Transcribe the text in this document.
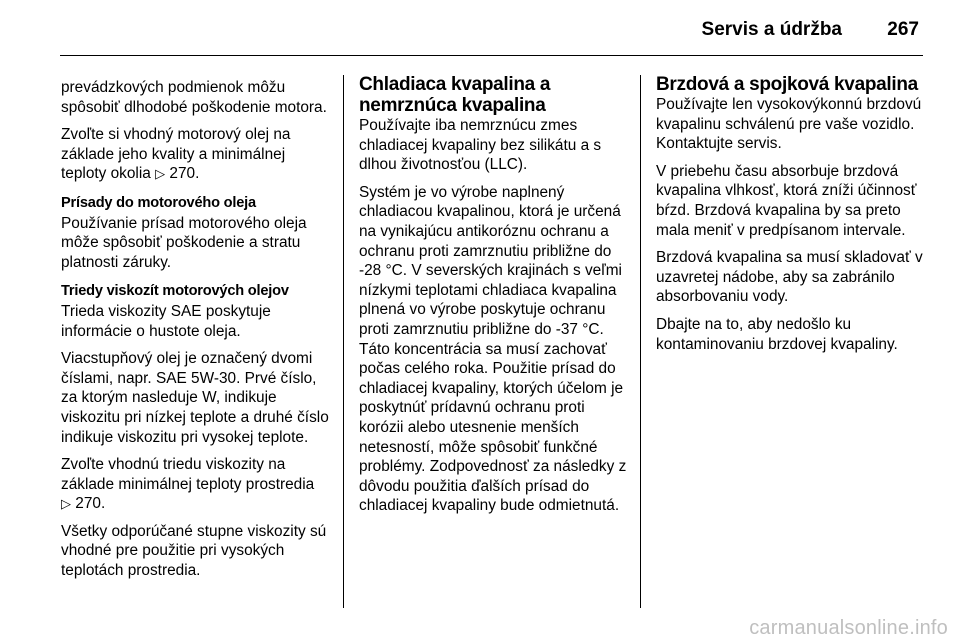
Servis a údržba 267

prevádzkových podmienok môžu spôsobiť dlhodobé poškodenie motora.

Zvoľte si vhodný motorový olej na základe jeho kvality a minimálnej teploty okolia ▷ 270.

Prísady do motorového oleja

Používanie prísad motorového oleja môže spôsobiť poškodenie a stratu platnosti záruky.

Triedy viskozít motorových olejov

Trieda viskozity SAE poskytuje informácie o hustote oleja.

Viacstupňový olej je označený dvomi číslami, napr. SAE 5W-30. Prvé číslo, za ktorým nasleduje W, indikuje viskozitu pri nízkej teplote a druhé číslo indikuje viskozitu pri vysokej teplote.

Zvoľte vhodnú triedu viskozity na základe minimálnej teploty prostredia
▷ 270.

Všetky odporúčané stupne viskozity sú vhodné pre použitie pri vysokých teplotách prostredia.

Chladiaca kvapalina a nemrznúca kvapalina

Používajte iba nemrznúcu zmes chladiacej kvapaliny bez silikátu a s dlhou životnosťou (LLC).

Systém je vo výrobe naplnený chladiacou kvapalinou, ktorá je určená na vynikajúcu antikoróznu ochranu a ochranu proti zamrznutiu približne do -28 °C. V severských krajinách s veľmi nízkymi teplotami chladiaca kvapalina plnená vo výrobe poskytuje ochranu proti zamrznutiu približne do -37 °C. Táto koncentrácia sa musí zachovať počas celého roka. Použitie prísad do chladiacej kvapaliny, ktorých účelom je poskytnúť prídavnú ochranu proti korózii alebo utesnenie menších netesností, môže spôsobiť funkčné problémy. Zodpovednosť za následky z dôvodu použitia ďalších prísad do chladiacej kvapaliny bude odmietnutá.

Brzdová a spojková kvapalina

Používajte len vysokovýkonnú brzdovú kvapalinu schválenú pre vaše vozidlo. Kontaktujte servis.

V priebehu času absorbuje brzdová kvapalina vlhkosť, ktorá zníži účinnosť bŕzd. Brzdová kvapalina by sa preto mala meniť v predpísanom intervale.

Brzdová kvapalina sa musí skladovať v uzavretej nádobe, aby sa zabránilo absorbovaniu vody.

Dbajte na to, aby nedošlo ku kontaminovaniu brzdovej kvapaliny.

carmanualsonline.info
